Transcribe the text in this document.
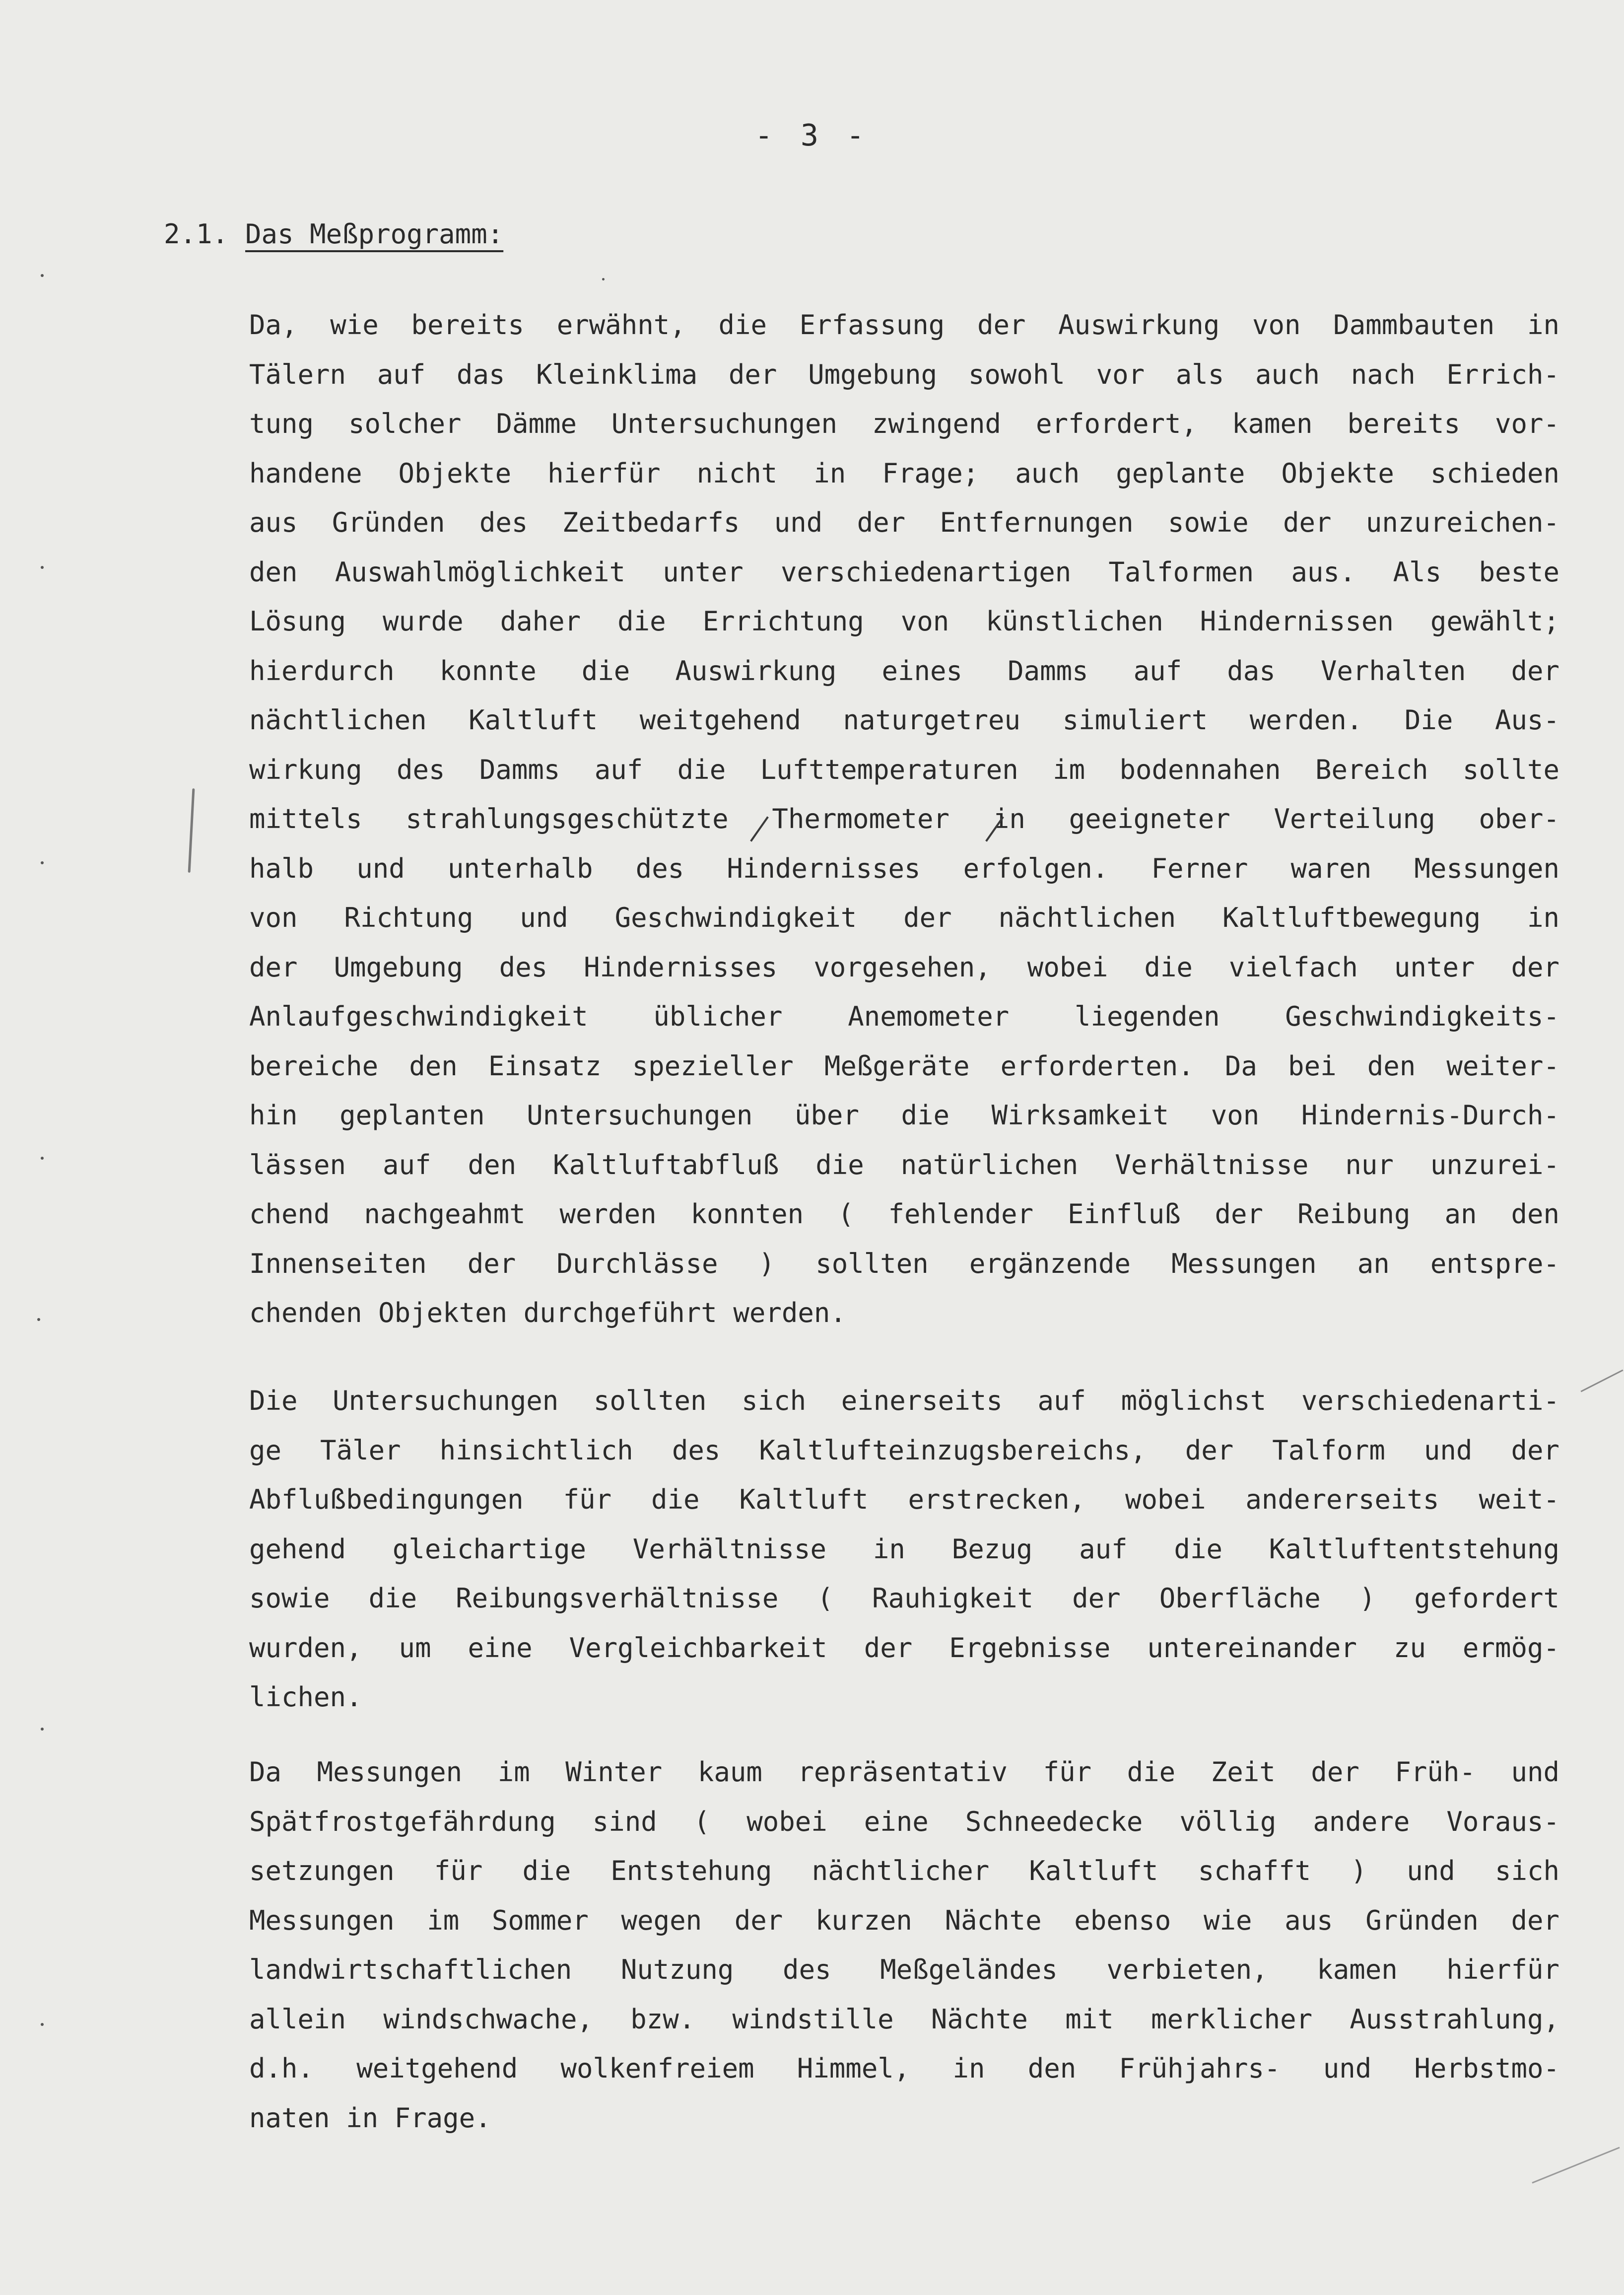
- 3 -
2.1. Das Meßprogramm:
Da, wie bereits erwähnt, die Erfassung der Auswirkung von Dammbauten in
Tälern auf das Kleinklima der Umgebung sowohl vor als auch nach Errich-
tung solcher Dämme Untersuchungen zwingend erfordert, kamen bereits vor-
handene Objekte hierfür nicht in Frage; auch geplante Objekte schieden
aus Gründen des Zeitbedarfs und der Entfernungen sowie der unzureichen-
den Auswahlmöglichkeit unter verschiedenartigen Talformen aus. Als beste
Lösung wurde daher die Errichtung von künstlichen Hindernissen gewählt;
hierdurch konnte die Auswirkung eines Damms auf das Verhalten der
nächtlichen Kaltluft weitgehend naturgetreu simuliert werden. Die Aus-
wirkung des Damms auf die Lufttemperaturen im bodennahen Bereich sollte
mittels strahlungsgeschützte Thermometer in geeigneter Verteilung ober-
halb und unterhalb des Hindernisses erfolgen. Ferner waren Messungen
von Richtung und Geschwindigkeit der nächtlichen Kaltluftbewegung in
der Umgebung des Hindernisses vorgesehen, wobei die vielfach unter der
Anlaufgeschwindigkeit üblicher Anemometer liegenden Geschwindigkeits-
bereiche den Einsatz spezieller Meßgeräte erforderten. Da bei den weiter-
hin geplanten Untersuchungen über die Wirksamkeit von Hindernis-Durch-
lässen auf den Kaltluftabfluß die natürlichen Verhältnisse nur unzurei-
chend nachgeahmt werden konnten ( fehlender Einfluß der Reibung an den
Innenseiten der Durchlässe ) sollten ergänzende Messungen an entspre-
chenden Objekten durchgeführt werden.
Die Untersuchungen sollten sich einerseits auf möglichst verschiedenarti-
ge Täler hinsichtlich des Kaltlufteinzugsbereichs, der Talform und der
Abflußbedingungen für die Kaltluft erstrecken, wobei andererseits weit-
gehend gleichartige Verhältnisse in Bezug auf die Kaltluftentstehung
sowie die Reibungsverhältnisse ( Rauhigkeit der Oberfläche ) gefordert
wurden, um eine Vergleichbarkeit der Ergebnisse untereinander zu ermög-
lichen.
Da Messungen im Winter kaum repräsentativ für die Zeit der Früh- und
Spätfrostgefährdung sind ( wobei eine Schneedecke völlig andere Voraus-
setzungen für die Entstehung nächtlicher Kaltluft schafft ) und sich
Messungen im Sommer wegen der kurzen Nächte ebenso wie aus Gründen der
landwirtschaftlichen Nutzung des Meßgeländes verbieten, kamen hierfür
allein windschwache, bzw. windstille Nächte mit merklicher Ausstrahlung,
d.h. weitgehend wolkenfreiem Himmel, in den Frühjahrs- und Herbstmo-
naten in Frage.
